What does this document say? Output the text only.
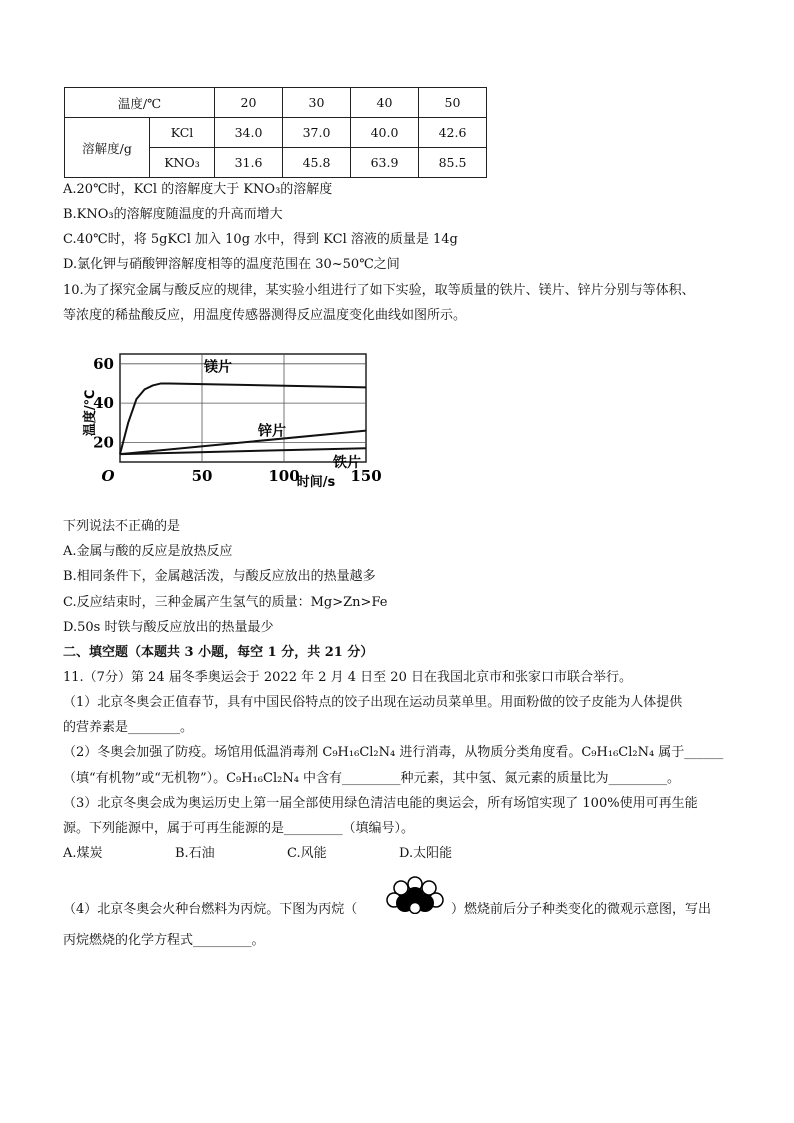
温度/℃		20	30	40	50
溶解度/g	KCl	34.0	37.0	40.0	42.6
	KNO₃	31.6	45.8	63.9	85.5
A.20℃时，KCl 的溶解度大于 KNO₃的溶解度
B.KNO₃的溶解度随温度的升高而增大
C.40℃时，将 5gKCl 加入 10g 水中，得到 KCl 溶液的质量是 14g
D.氯化钾与硝酸钾溶解度相等的温度范围在 30~50℃之间
10.为了探究金属与酸反应的规律，某实验小组进行了如下实验，取等质量的铁片、镁片、锌片分别与等体积、
等浓度的稀盐酸反应，用温度传感器测得反应温度变化曲线如图所示。
50	100	150
20
40
60
O	时间/s
温度/℃
镁片
锌片
铁片
下列说法不正确的是
A.金属与酸的反应是放热反应
B.相同条件下，金属越活泼，与酸反应放出的热量越多
C.反应结束时，三种金属产生氢气的质量：Mg>Zn>Fe
D.50s 时铁与酸反应放出的热量最少
二、填空题（本题共 3 小题，每空 1 分，共 21 分）
11.（7分）第 24 届冬季奥运会于 2022 年 2 月 4 日至 20 日在我国北京市和张家口市联合举行。
（1）北京冬奥会正值春节，具有中国民俗特点的饺子出现在运动员菜单里。用面粉做的饺子皮能为人体提供
的营养素是________。
（2）冬奥会加强了防疫。场馆用低温消毒剂 C₉H₁₆Cl₂N₄ 进行消毒，从物质分类角度看。C₉H₁₆Cl₂N₄ 属于______
（填“有机物”或“无机物”）。C₉H₁₆Cl₂N₄ 中含有_________种元素，其中氢、氮元素的质量比为_________。
（3）北京冬奥会成为奥运历史上第一届全部使用绿色清洁电能的奥运会，所有场馆实现了 100%使用可再生能
源。下列能源中，属于可再生能源的是_________（填编号）。
A.煤炭	B.石油	C.风能	D.太阳能
（4）北京冬奥会火种台燃料为丙烷。下图为丙烷（	）燃烧前后分子种类变化的微观示意图，写出
丙烷燃烧的化学方程式_________。
